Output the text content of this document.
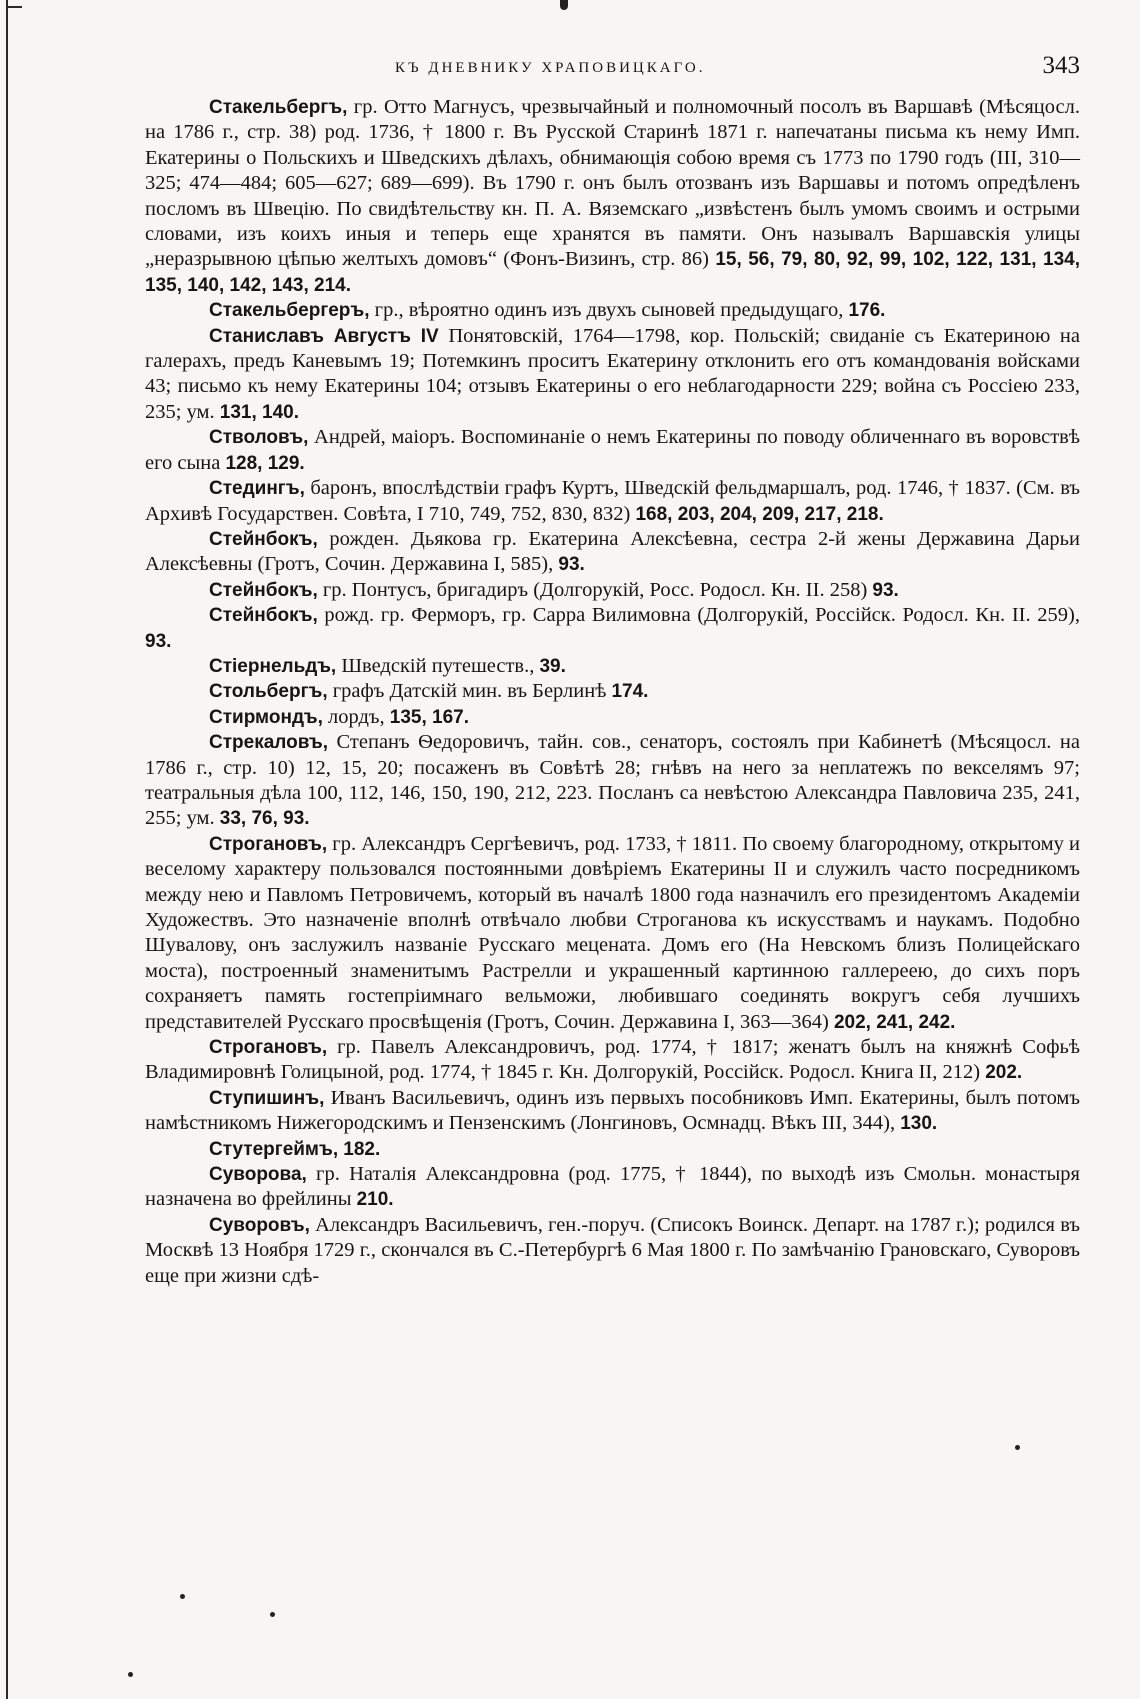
КЪ ДНЕВНИКУ ХРАПОВИЦКАГО.	343

Стакельбергъ, гр. Отто Магнусъ, чрезвычайный и полномочный посолъ въ Варшавѣ (Мѣсяцосл. на 1786 г., стр. 38) род. 1736, † 1800 г. Въ Русской Старинѣ 1871 г. напечатаны письма къ нему Имп. Екатерины о Польскихъ и Шведскихъ дѣлахъ, обнимающія собою время съ 1773 по 1790 годъ (III, 310—325; 474—484; 605—627; 689—699). Въ 1790 г. онъ былъ отозванъ изъ Варшавы и потомъ опредѣленъ посломъ въ Швецію. По свидѣтельству кн. П. А. Вяземскаго „извѣстенъ былъ умомъ своимъ и острыми словами, изъ коихъ иныя и теперь еще хранятся въ памяти. Онъ называлъ Варшавскія улицы „неразрывною цѣпью желтыхъ домовъ“ (Фонъ-Визинъ, стр. 86) 15, 56, 79, 80, 92, 99, 102, 122, 131, 134, 135, 140, 142, 143, 214.

Стакельбергеръ, гр., вѣроятно одинъ изъ двухъ сыновей предыдущаго, 176.

Станиславъ Августъ IV Понятовскій, 1764—1798, кор. Польскій; свиданіе съ Екатериною на галерахъ, предъ Каневымъ 19; Потемкинъ проситъ Екатерину отклонить его отъ командованія войсками 43; письмо къ нему Екатерины 104; отзывъ Екатерины о его неблагодарности 229; война съ Россіею 233, 235; ум. 131, 140.

Стволовъ, Андрей, маіоръ. Воспоминаніе о немъ Екатерины по поводу обличеннаго въ воровствѣ его сына 128, 129.

Стедингъ, баронъ, впослѣдствіи графъ Куртъ, Шведскій фельдмаршалъ, род. 1746, † 1837. (См. въ Архивѣ Государствен. Совѣта, I 710, 749, 752, 830, 832) 168, 203, 204, 209, 217, 218.

Стейнбокъ, рожден. Дьякова гр. Екатерина Алексѣевна, сестра 2-й жены Державина Дарьи Алексѣевны (Гротъ, Сочин. Державина I, 585), 93.

Стейнбокъ, гр. Понтусъ, бригадиръ (Долгорукій, Росс. Родосл. Кн. II. 258) 93.

Стейнбокъ, рожд. гр. Ферморъ, гр. Сарра Вилимовна (Долгорукій, Россійск. Родосл. Кн. II. 259), 93.

Стіернельдъ, Шведскій путешеств., 39.

Стольбергъ, графъ Датскій мин. въ Берлинѣ 174.

Стирмондъ, лордъ, 135, 167.

Стрекаловъ, Степанъ Ѳедоровичъ, тайн. сов., сенаторъ, состоялъ при Кабинетѣ (Мѣсяцосл. на 1786 г., стр. 10) 12, 15, 20; посаженъ въ Совѣтѣ 28; гнѣвъ на него за неплатежъ по векселямъ 97; театральныя дѣла 100, 112, 146, 150, 190, 212, 223. Посланъ са невѣстою Александра Павловича 235, 241, 255; ум. 33, 76, 93.

Строгановъ, гр. Александръ Сергѣевичъ, род. 1733, † 1811. По своему благородному, открытому и веселому характеру пользовался постоянными довѣріемъ Екатерины II и служилъ часто посредникомъ между нею и Павломъ Петровичемъ, который въ началѣ 1800 года назначилъ его президентомъ Академіи Художествъ. Это назначеніе вполнѣ отвѣчало любви Строганова къ искусствамъ и наукамъ. Подобно Шувалову, онъ заслужилъ названіе Русскаго мецената. Домъ его (На Невскомъ близъ Полицейскаго моста), построенный знаменитымъ Растрелли и украшенный картинною галлереею, до сихъ поръ сохраняетъ память гостепріимнаго вельможи, любившаго соединять вокругъ себя лучшихъ представителей Русскаго просвѣщенія (Гротъ, Сочин. Державина I, 363—364) 202, 241, 242.

Строгановъ, гр. Павелъ Александровичъ, род. 1774, † 1817; женатъ былъ на княжнѣ Софьѣ Владимировнѣ Голицыной, род. 1774, † 1845 г. Кн. Долгорукій, Россійск. Родосл. Книга II, 212) 202.

Ступишинъ, Иванъ Васильевичъ, одинъ изъ первыхъ пособниковъ Имп. Екатерины, былъ потомъ намѣстникомъ Нижегородскимъ и Пензенскимъ (Лонгиновъ, Осмнадц. Вѣкъ III, 344), 130.

Стутергеймъ, 182.

Суворова, гр. Наталія Александровна (род. 1775, † 1844), по выходѣ изъ Смольн. монастыря назначена во фрейлины 210.

Суворовъ, Александръ Васильевичъ, ген.-поруч. (Списокъ Воинск. Департ. на 1787 г.); родился въ Москвѣ 13 Ноября 1729 г., скончался въ С.-Петербургѣ 6 Мая 1800 г. По замѣчанію Грановскаго, Суворовъ еще при жизни сдѣ-
